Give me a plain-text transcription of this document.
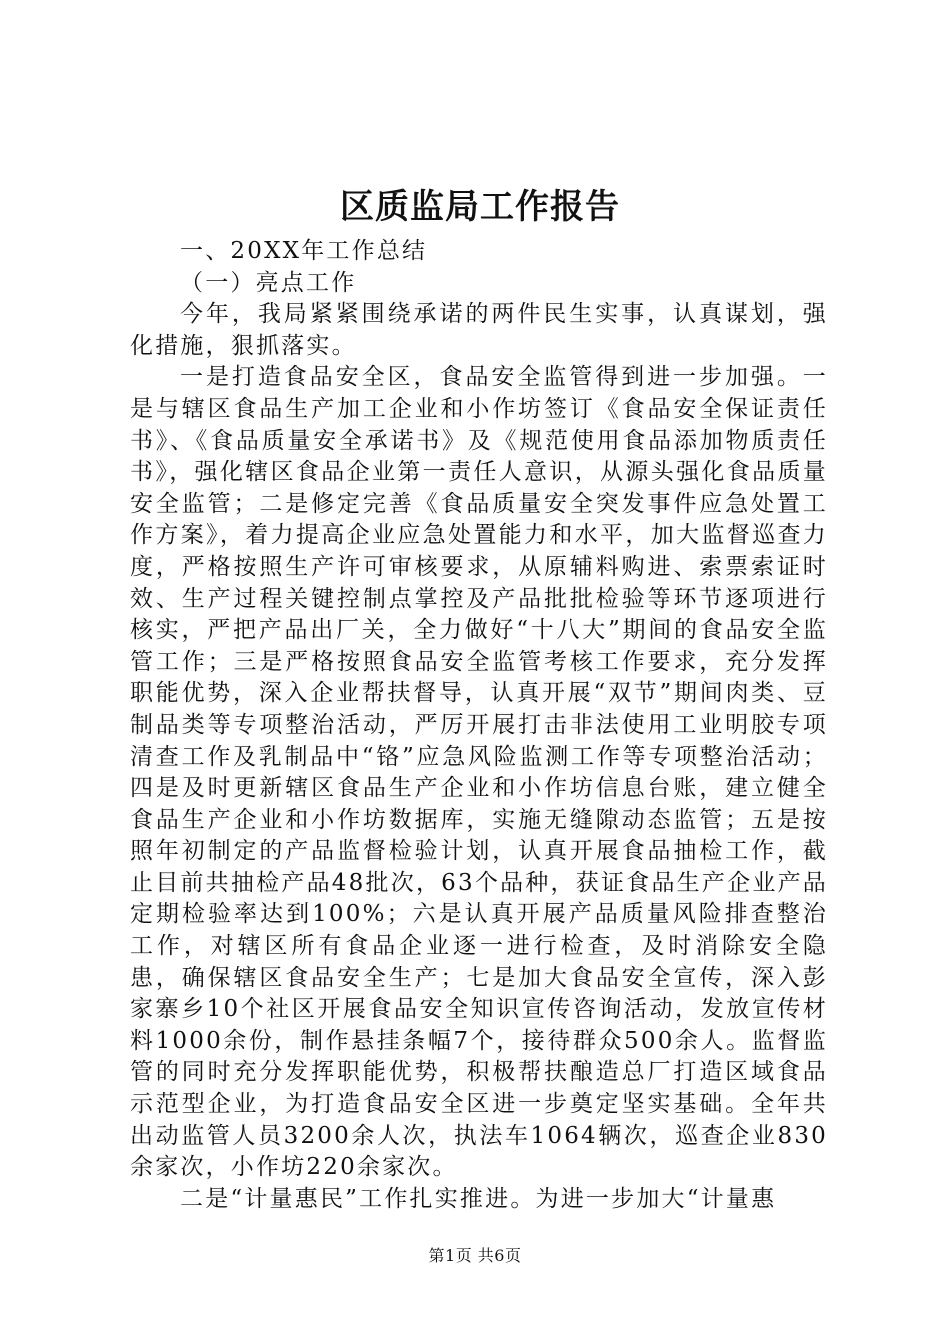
区质监局工作报告

一、20XX年工作总结

（一）亮点工作

今年，我局紧紧围绕承诺的两件民生实事，认真谋划，强化措施，狠抓落实。

一是打造食品安全区，食品安全监管得到进一步加强。一是与辖区食品生产加工企业和小作坊签订《食品安全保证责任书》、《食品质量安全承诺书》及《规范使用食品添加物质责任书》，强化辖区食品企业第一责任人意识，从源头强化食品质量安全监管；二是修定完善《食品质量安全突发事件应急处置工作方案》，着力提高企业应急处置能力和水平，加大监督巡查力度，严格按照生产许可审核要求，从原辅料购进、索票索证时效、生产过程关键控制点掌控及产品批批检验等环节逐项进行核实，严把产品出厂关，全力做好“十八大”期间的食品安全监管工作；三是严格按照食品安全监管考核工作要求，充分发挥职能优势，深入企业帮扶督导，认真开展“双节”期间肉类、豆制品类等专项整治活动，严厉开展打击非法使用工业明胶专项清查工作及乳制品中“铬”应急风险监测工作等专项整治活动；四是及时更新辖区食品生产企业和小作坊信息台账，建立健全食品生产企业和小作坊数据库，实施无缝隙动态监管；五是按照年初制定的产品监督检验计划，认真开展食品抽检工作，截止目前共抽检产品48批次，63个品种，获证食品生产企业产品定期检验率达到100%；六是认真开展产品质量风险排查整治工作，对辖区所有食品企业逐一进行检查，及时消除安全隐患，确保辖区食品安全生产；七是加大食品安全宣传，深入彭家寨乡10个社区开展食品安全知识宣传咨询活动，发放宣传材料1000余份，制作悬挂条幅7个，接待群众500余人。监督监管的同时充分发挥职能优势，积极帮扶酿造总厂打造区域食品示范型企业，为打造食品安全区进一步奠定坚实基础。全年共出动监管人员3200余人次，执法车1064辆次，巡查企业830余家次，小作坊220余家次。

二是“计量惠民”工作扎实推进。为进一步加大“计量惠

第1页 共6页
